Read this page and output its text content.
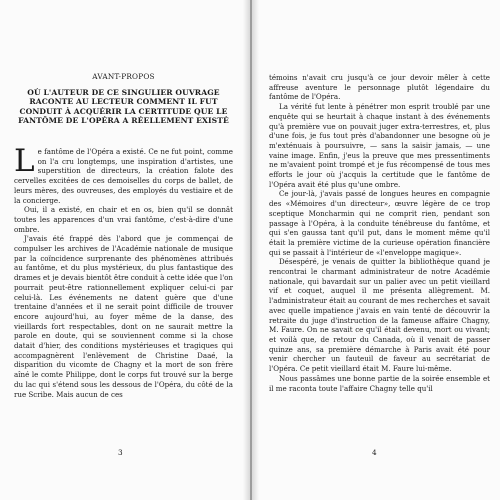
AVANT-PROPOS
OÙ L'AUTEUR DE CE SINGULIER OUVRAGE RACONTE AU LECTEUR COMMENT IL FUT CONDUIT À ACQUÉRIR LA CERTITUDE QUE LE FANTÔME DE L'OPÉRA A RÉELLEMENT EXISTÉ

Le fantôme de l'Opéra a existé. Ce ne fut point, comme on l'a cru longtemps, une inspiration d'artistes, une superstition de directeurs, la création falote des cervelles excitées de ces demoiselles du corps de ballet, de leurs mères, des ouvreuses, des employés du vestiaire et de la concierge.

Oui, il a existé, en chair et en os, bien qu'il se donnât toutes les apparences d'un vrai fantôme, c'est-à-dire d'une ombre.

J'avais été frappé dès l'abord que je commençai de compulser les archives de l'Académie nationale de musique par la coïncidence surprenante des phénomènes attribués au fantôme, et du plus mystérieux, du plus fantastique des drames et je devais bientôt être conduit à cette idée que l'on pourrait peut-être rationnellement expliquer celui-ci par celui-là. Les événements ne datent guère que d'une trentaine d'années et il ne serait point difficile de trouver encore aujourd'hui, au foyer même de la danse, des vieillards fort respectables, dont on ne saurait mettre la parole en doute, qui se souviennent comme si la chose datait d'hier, des conditions mystérieuses et tragiques qui accompagnèrent l'enlèvement de Christine Daaé, la disparition du vicomte de Chagny et la mort de son frère aîné le comte Philippe, dont le corps fut trouvé sur la berge du lac qui s'étend sous les dessous de l'Opéra, du côté de la rue Scribe. Mais aucun de ces

3

témoins n'avait cru jusqu'à ce jour devoir mêler à cette affreuse aventure le personnage plutôt légendaire du fantôme de l'Opéra.

La vérité fut lente à pénétrer mon esprit troublé par une enquête qui se heurtait à chaque instant à des événements qu'à première vue on pouvait juger extra-terrestres, et, plus d'une fois, je fus tout près d'abandonner une besogne où je m'exténuais à poursuivre, — sans la saisir jamais, — une vaine image. Enfin, j'eus la preuve que mes pressentiments ne m'avaient point trompé et je fus récompensé de tous mes efforts le jour où j'acquis la certitude que le fantôme de l'Opéra avait été plus qu'une ombre.

Ce jour-là, j'avais passé de longues heures en compagnie des «Mémoires d'un directeur», œuvre légère de ce trop sceptique Moncharmin qui ne comprit rien, pendant son passage à l'Opéra, à la conduite ténébreuse du fantôme, et qui s'en gaussa tant qu'il put, dans le moment même qu'il était la première victime de la curieuse opération financière qui se passait à l'intérieur de «l'enveloppe magique».

Désespéré, je venais de quitter la bibliothèque quand je rencontrai le charmant administrateur de notre Académie nationale, qui bavardait sur un palier avec un petit vieillard vif et coquet, auquel il me présenta allègrement. M. l'administrateur était au courant de mes recherches et savait avec quelle impatience j'avais en vain tenté de découvrir la retraite du juge d'instruction de la fameuse affaire Chagny, M. Faure. On ne savait ce qu'il était devenu, mort ou vivant; et voilà que, de retour du Canada, où il venait de passer quinze ans, sa première démarche à Paris avait été pour venir chercher un fauteuil de faveur au secrétariat de l'Opéra. Ce petit vieillard était M. Faure lui-même.

Nous passâmes une bonne partie de la soirée ensemble et il me raconta toute l'affaire Chagny telle qu'il

4
